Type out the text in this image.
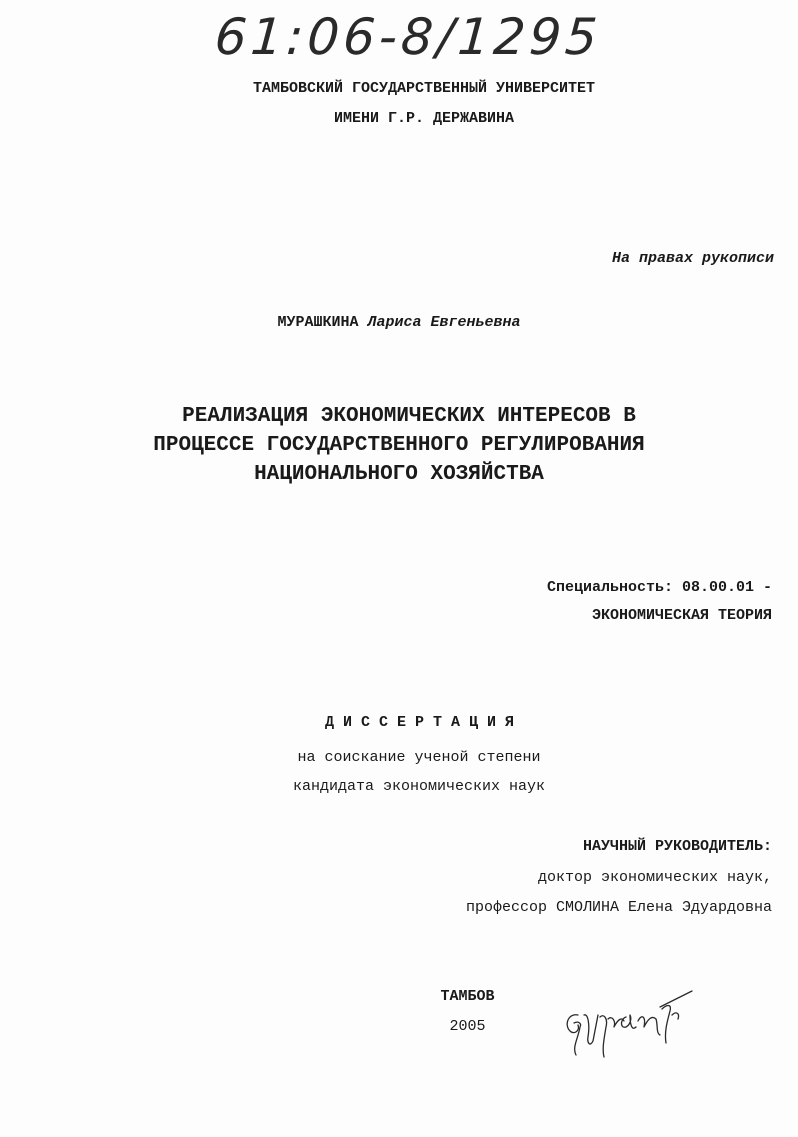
61:06-8/1295
ТАМБОВСКИЙ ГОСУДАРСТВЕННЫЙ УНИВЕРСИТЕТ
ИМЕНИ Г.Р. ДЕРЖАВИНА
На правах рукописи
МУРАШКИНА Лариса Евгеньевна
РЕАЛИЗАЦИЯ ЭКОНОМИЧЕСКИХ ИНТЕРЕСОВ В
ПРОЦЕССЕ ГОСУДАРСТВЕННОГО РЕГУЛИРОВАНИЯ
НАЦИОНАЛЬНОГО ХОЗЯЙСТВА
Специальность: 08.00.01 -
ЭКОНОМИЧЕСКАЯ ТЕОРИЯ
ДИССЕРТАЦИЯ
на соискание ученой степени
кандидата экономических наук
НАУЧНЫЙ РУКОВОДИТЕЛЬ:
доктор экономических наук,
профессор СМОЛИНА Елена Эдуардовна
ТАМБОВ
2005
